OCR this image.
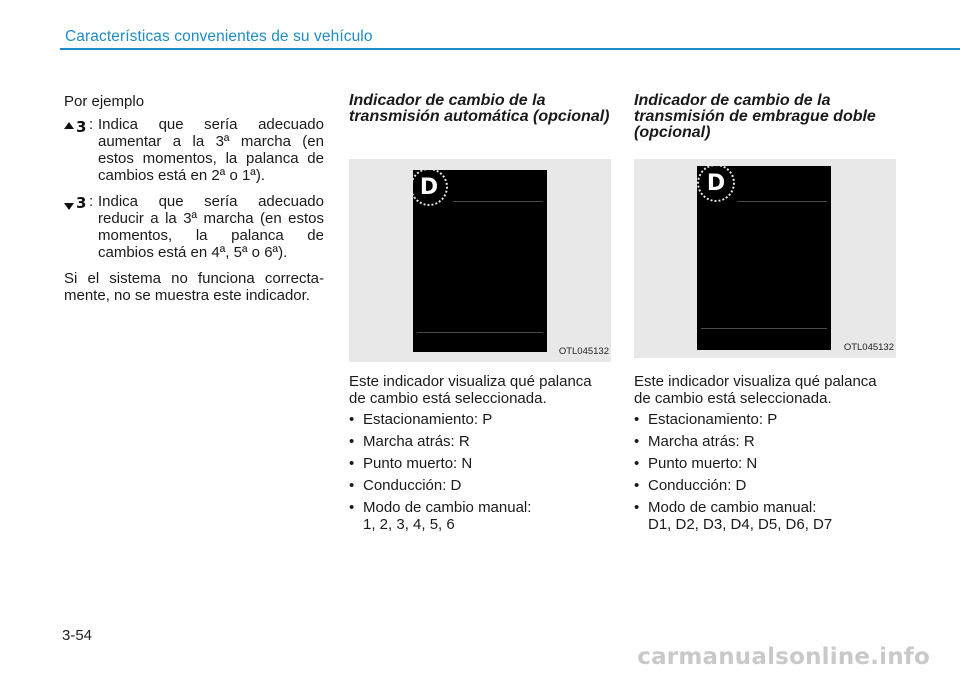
Características convenientes de su vehículo
Por ejemplo
3 : Indica que sería adecuado aumentar a la 3ª marcha (en estos momentos, la palanca de cambios está en 2ª o 1ª).
3 : Indica que sería adecuado reducir a la 3ª marcha (en estos momentos, la palanca de cambios está en 4ª, 5ª o 6ª).
Si el sistema no funciona correcta- mente, no se muestra este indicador.
Indicador de cambio de la transmisión automática (opcional)
D
OTL045132
Este indicador visualiza qué palanca de cambio está seleccionada.
• Estacionamiento: P
• Marcha atrás: R
• Punto muerto: N
• Conducción: D
• Modo de cambio manual:
1, 2, 3, 4, 5, 6
Indicador de cambio de la transmisión de embrague doble (opcional)
D
OTL045132
Este indicador visualiza qué palanca de cambio está seleccionada.
• Estacionamiento: P
• Marcha atrás: R
• Punto muerto: N
• Conducción: D
• Modo de cambio manual:
D1, D2, D3, D4, D5, D6, D7
3-54
carmanualsonline.info
